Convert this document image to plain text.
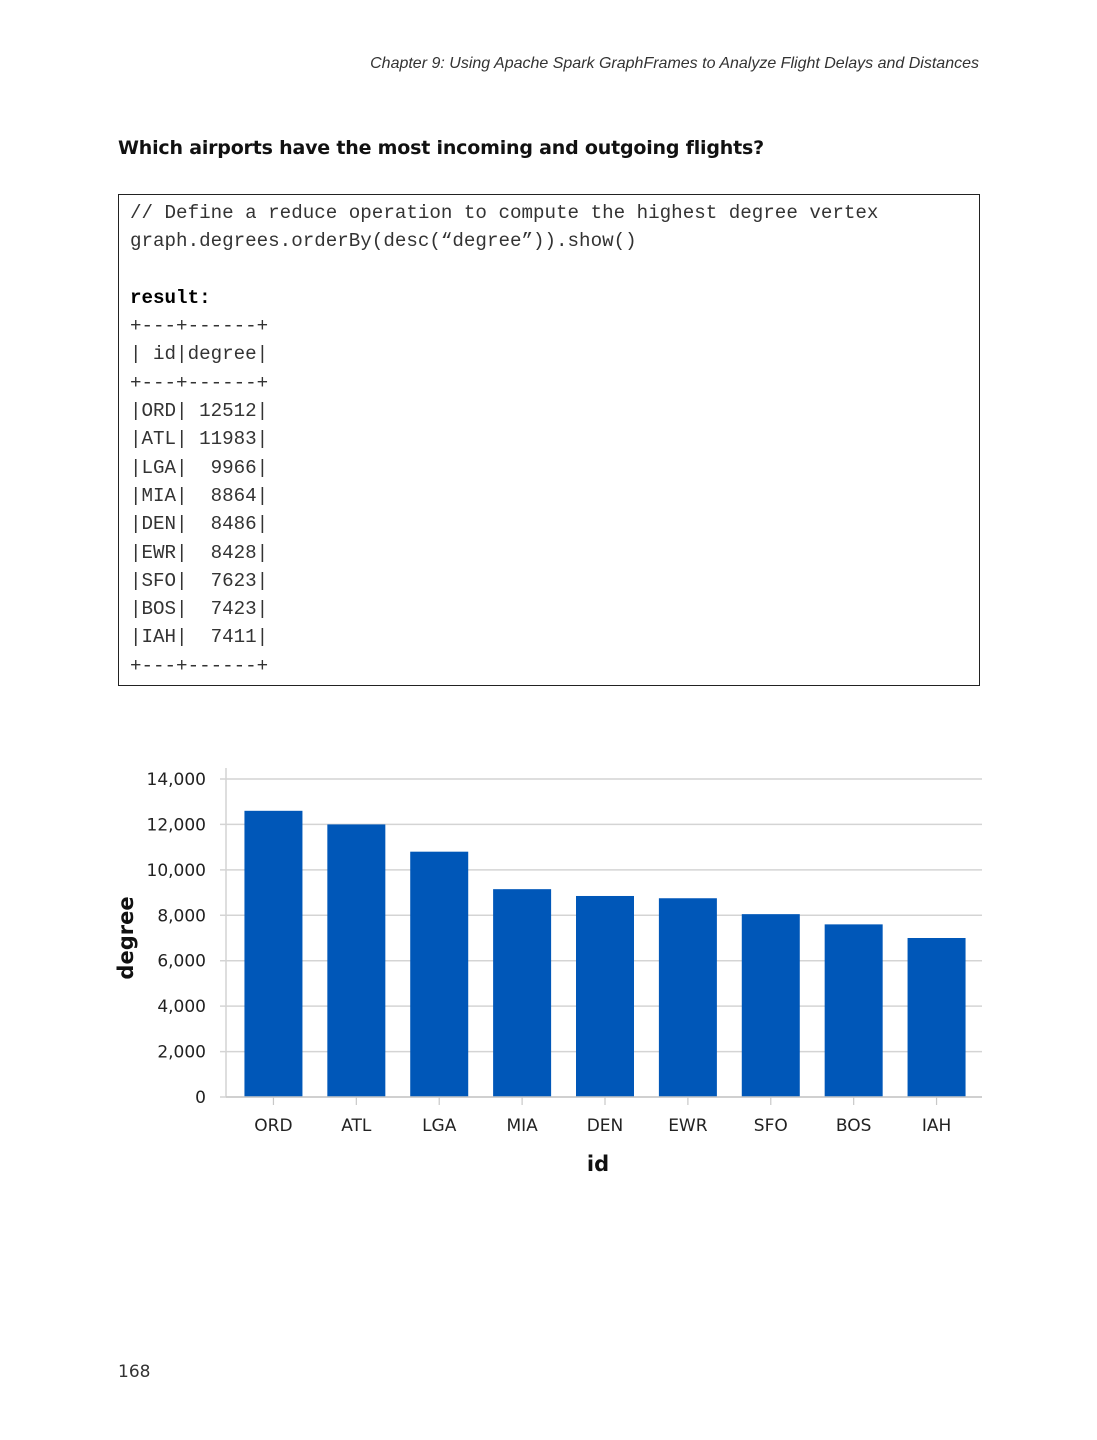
Chapter 9: Using Apache Spark GraphFrames to Analyze Flight Delays and Distances
Which airports have the most incoming and outgoing flights?
// Define a reduce operation to compute the highest degree vertex
graph.degrees.orderBy(desc(“degree”)).show()

result:
+---+------+
| id|degree|
+---+------+
|ORD| 12512|
|ATL| 11983|
|LGA|  9966|
|MIA|  8864|
|DEN|  8486|
|EWR|  8428|
|SFO|  7623|
|BOS|  7423|
|IAH|  7411|
+---+------+
0
2,000
4,000
6,000
8,000
10,000
12,000
14,000
ORD	ATL	LGA	MIA	DEN	EWR	SFO	BOS	IAH
id
degree
168
